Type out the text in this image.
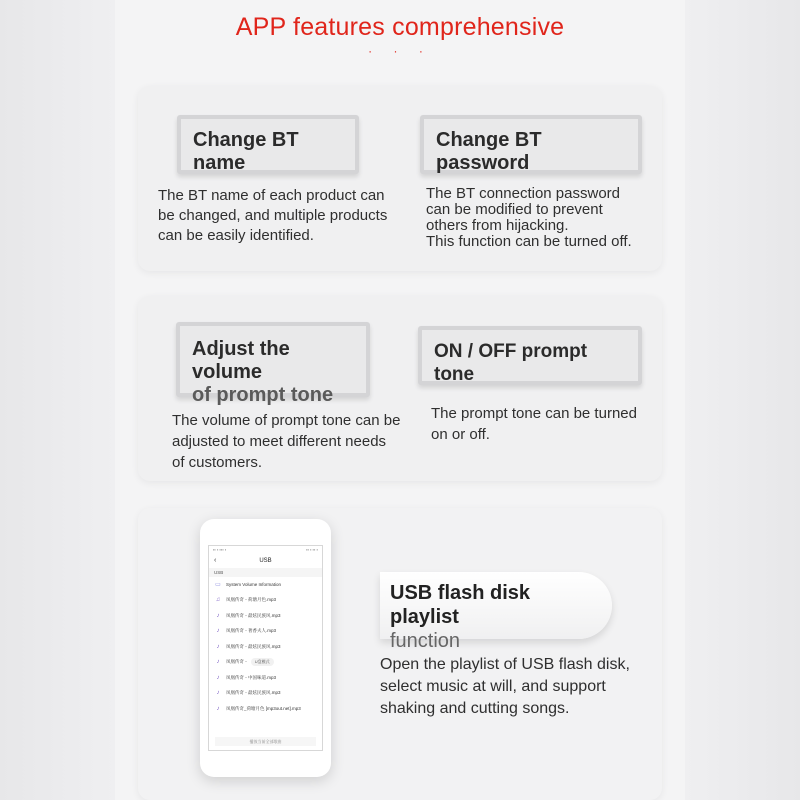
APP features comprehensive
· · ·
Change BT name
The BT name of each product can be changed, and multiple products can be easily identified.
Change BT password
The BT connection password
can be modified to prevent
others from hijacking.
This function can be turned off.
Adjust the volume
of prompt tone
The volume of prompt tone can be adjusted to meet different needs of customers.
ON / OFF prompt tone
The prompt tone can be turned on or off.
▪▪ ▪ ▪▪▪ ▪	▪▪ ▪ ▪▪ ▪
‹	USB
USB
▭ System Volume Information
♫	凤凰传奇 - 荷塘月色.mp3
♪	凤凰传奇 - 最炫民族风.mp3
♪	凤凰传奇 - 奢香夫人.mp3
♪	凤凰传奇 - 最炫民族风.mp3
♪	凤凰传奇 -	U盘模式
♪	凤凰传奇 - 中国味道.mp3
♪	凤凰传奇 - 最炫民族风.mp3
♪	凤凰传奇_荷塘月色 [mp3out.net].mp3
播放当前全部歌曲
USB flash disk playlist
function
Open the playlist of USB flash disk, select music at will, and support shaking and cutting songs.
